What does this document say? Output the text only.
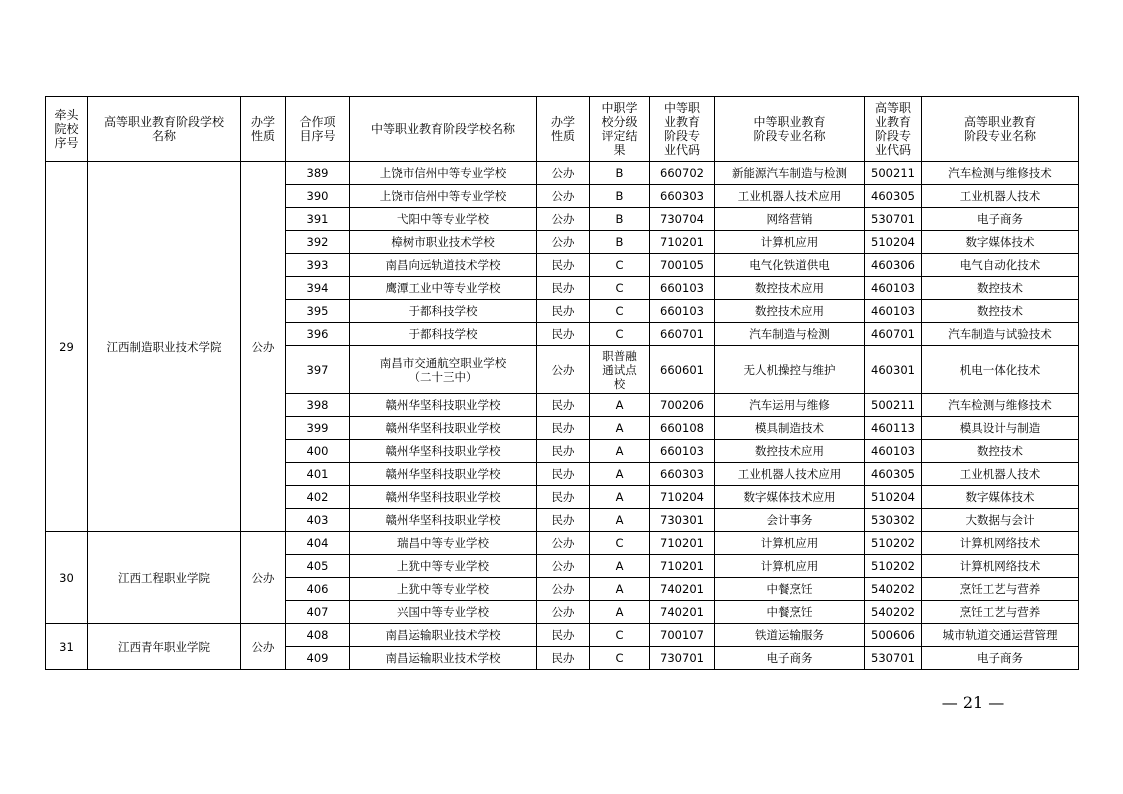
牵头
院校
序号	高等职业教育阶段学校
名称	办学
性质	合作项
目序号	中等职业教育阶段学校名称	办学
性质	中职学
校分级
评定结
果	中等职
业教育
阶段专
业代码	中等职业教育
阶段专业名称	高等职
业教育
阶段专
业代码	高等职业教育
阶段专业名称

29	江西制造职业技术学院	公办	389	上饶市信州中等专业学校	公办	B	660702	新能源汽车制造与检测	500211	汽车检测与维修技术
			390	上饶市信州中等专业学校	公办	B	660303	工业机器人技术应用	460305	工业机器人技术
			391	弋阳中等专业学校	公办	B	730704	网络营销	530701	电子商务
			392	樟树市职业技术学校	公办	B	710201	计算机应用	510204	数字媒体技术
			393	南昌向远轨道技术学校	民办	C	700105	电气化铁道供电	460306	电气自动化技术
			394	鹰潭工业中等专业学校	民办	C	660103	数控技术应用	460103	数控技术
			395	于都科技学校	民办	C	660103	数控技术应用	460103	数控技术
			396	于都科技学校	民办	C	660701	汽车制造与检测	460701	汽车制造与试验技术
			397	南昌市交通航空职业学校
（二十三中）	公办	职普融
通试点
校	660601	无人机操控与维护	460301	机电一体化技术
			398	赣州华坚科技职业学校	民办	A	700206	汽车运用与维修	500211	汽车检测与维修技术
			399	赣州华坚科技职业学校	民办	A	660108	模具制造技术	460113	模具设计与制造
			400	赣州华坚科技职业学校	民办	A	660103	数控技术应用	460103	数控技术
			401	赣州华坚科技职业学校	民办	A	660303	工业机器人技术应用	460305	工业机器人技术
			402	赣州华坚科技职业学校	民办	A	710204	数字媒体技术应用	510204	数字媒体技术
			403	赣州华坚科技职业学校	民办	A	730301	会计事务	530302	大数据与会计
30	江西工程职业学院	公办	404	瑞昌中等专业学校	公办	C	710201	计算机应用	510202	计算机网络技术
			405	上犹中等专业学校	公办	A	710201	计算机应用	510202	计算机网络技术
			406	上犹中等专业学校	公办	A	740201	中餐烹饪	540202	烹饪工艺与营养
			407	兴国中等专业学校	公办	A	740201	中餐烹饪	540202	烹饪工艺与营养
31	江西青年职业学院	公办	408	南昌运输职业技术学校	民办	C	700107	铁道运输服务	500606	城市轨道交通运营管理
			409	南昌运输职业技术学校	民办	C	730701	电子商务	530701	电子商务
— 21 —
